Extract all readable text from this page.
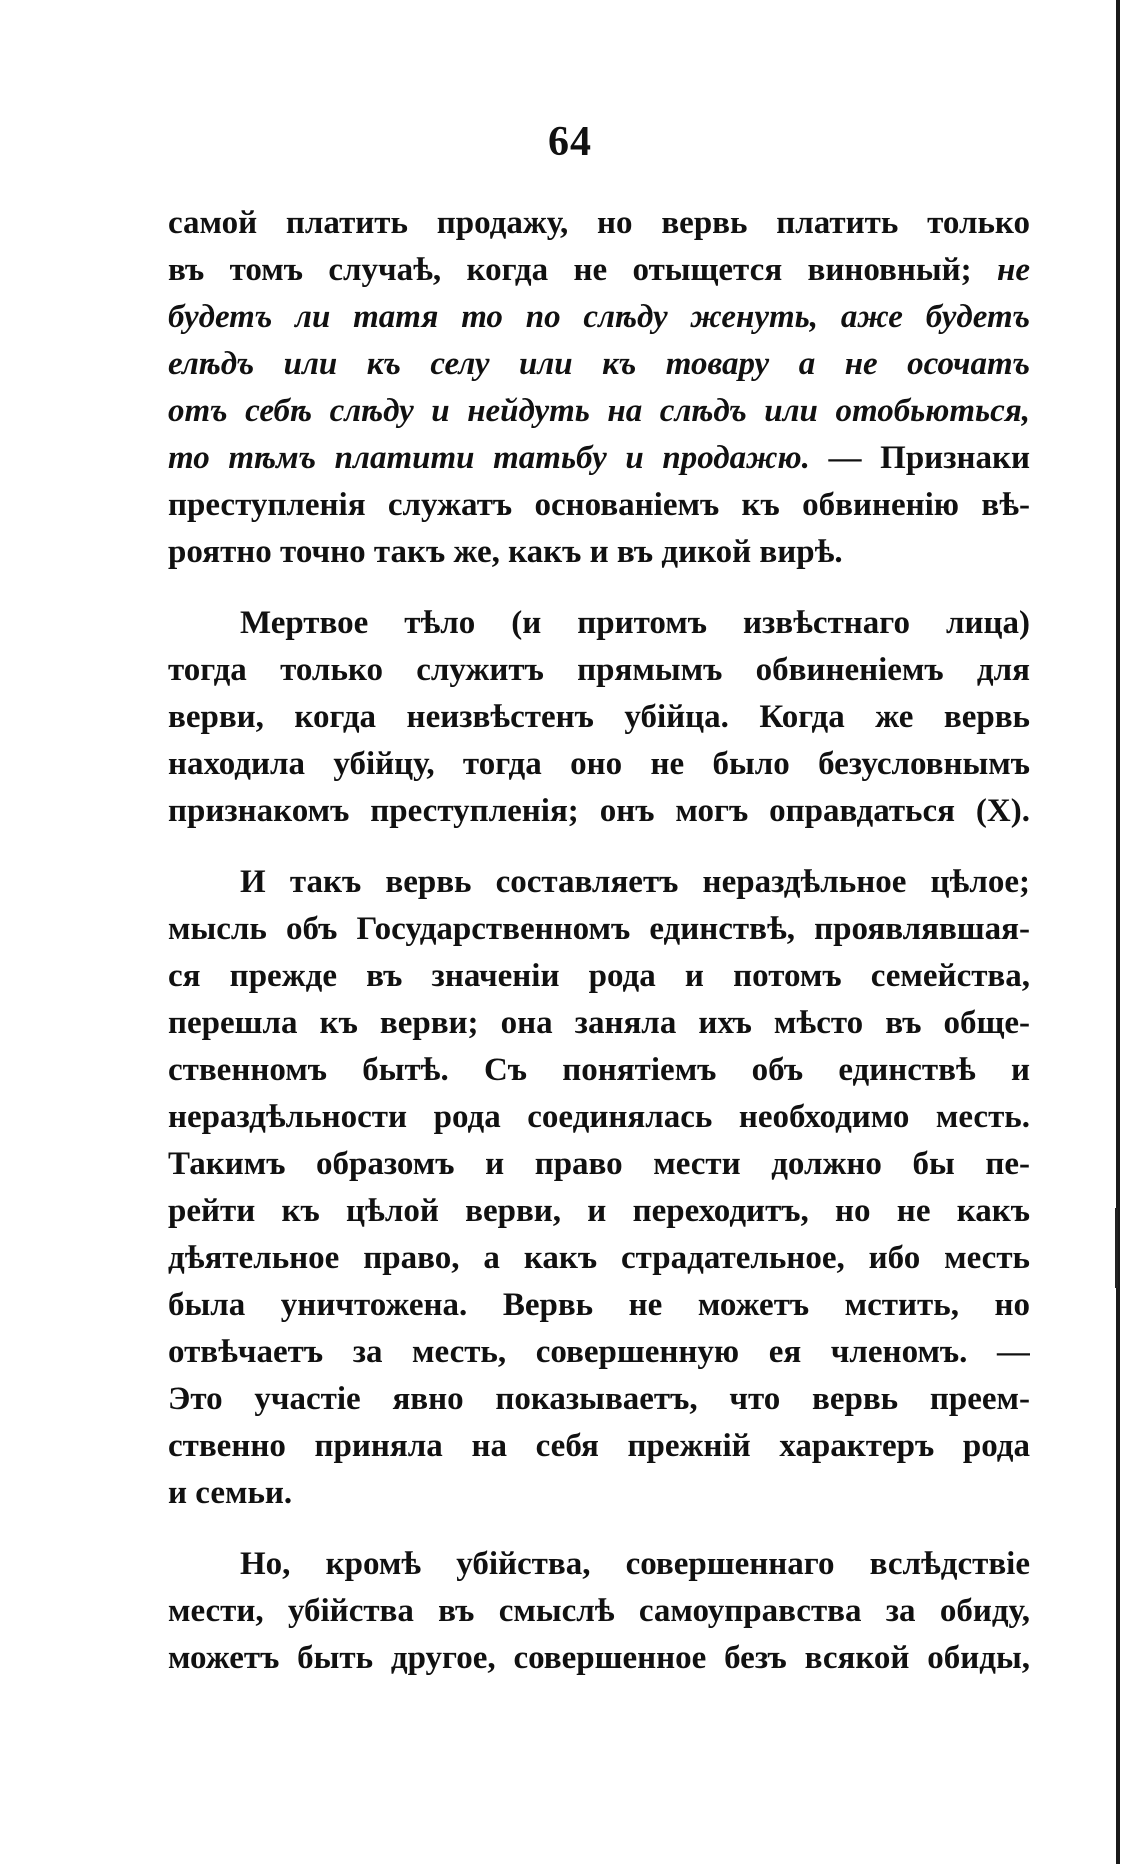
64
самой платить продажу, но вервь платить только
въ томъ случаѣ, когда не отыщется виновный; не
будетъ ли татя то по слѣду женуть, аже будетъ
елѣдъ или къ селу или къ товару а не осочатъ
отъ себѣ слѣду и нейдуть на слѣдъ или отобьються,
то тѣмъ платити татьбу и продажю. — Признаки
преступленія служатъ основаніемъ къ обвиненію вѣ-
роятно точно такъ же, какъ и въ дикой вирѣ.
Мертвое тѣло (и притомъ извѣстнаго лица)
тогда только служитъ прямымъ обвиненіемъ для
верви, когда неизвѣстенъ убійца. Когда же вервь
находила убійцу, тогда оно не было безусловнымъ
признакомъ преступленія; онъ могъ оправдаться (X).
И такъ вервь составляетъ нераздѣльное цѣлое;
мысль объ Государственномъ единствѣ, проявлявшая-
ся прежде въ значеніи рода и потомъ семейства,
перешла къ верви; она заняла ихъ мѣсто въ обще-
ственномъ бытѣ. Съ понятіемъ объ единствѣ и
нераздѣльности рода соединялась необходимо месть.
Такимъ образомъ и право мести должно бы пе-
рейти къ цѣлой верви, и переходитъ, но не какъ
дѣятельное право, а какъ страдательное, ибо месть
была уничтожена. Вервь не можетъ мстить, но
отвѣчаетъ за месть, совершенную ея членомъ. —
Это участіе явно показываетъ, что вервь преем-
ственно приняла на себя прежній характеръ рода
и семьи.
Но, кромѣ убійства, совершеннаго вслѣдствіе
мести, убійства въ смыслѣ самоуправства за обиду,
можетъ быть другое, совершенное безъ всякой обиды,
